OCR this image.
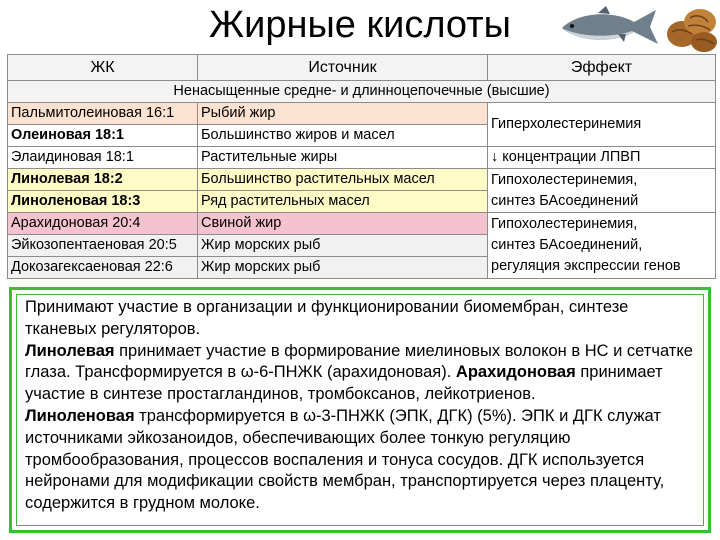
Жирные кислоты
ЖК	Источник	Эффект
Ненасыщенные средне- и длинноцепочечные (высшие)		
Пальмитолеиновая 16:1	Рыбий жир	Гиперхолестеринемия
Олеиновая 18:1	Большинство жиров и масел	
Элаидиновая 18:1	Растительные жиры	↓ концентрации ЛПВП
Линолевая 18:2	Большинство растительных масел	Гипохолестеринемия,
синтез БАсоединений
Линоленовая 18:3	Ряд растительных масел	
Арахидоновая 20:4	Свиной жир	Гипохолестеринемия,
синтез БАсоединений,
регуляция экспрессии генов
Эйкозопентаеновая 20:5	Жир морских рыб	
Докозагексаеновая 22:6	Жир морских рыб	

Принимают участие в организации и функционировании биомембран, синтезе тканевых регуляторов.

Линолевая принимает участие в формирование миелиновых волокон в НС и сетчатке глаза. Трансформируется в ω-6-ПНЖК (арахидоновая). Арахидоновая принимает участие в синтезе простагландинов, тромбоксанов, лейкотриенов.

Линоленовая трансформируется в ω-3-ПНЖК (ЭПК, ДГК) (5%). ЭПК и ДГК служат источниками эйкозаноидов, обеспечивающих более тонкую регуляцию тромбообразования, процессов воспаления и тонуса сосудов. ДГК используется нейронами для модификации свойств мембран, транспортируется через плаценту, содержится в грудном молоке.
